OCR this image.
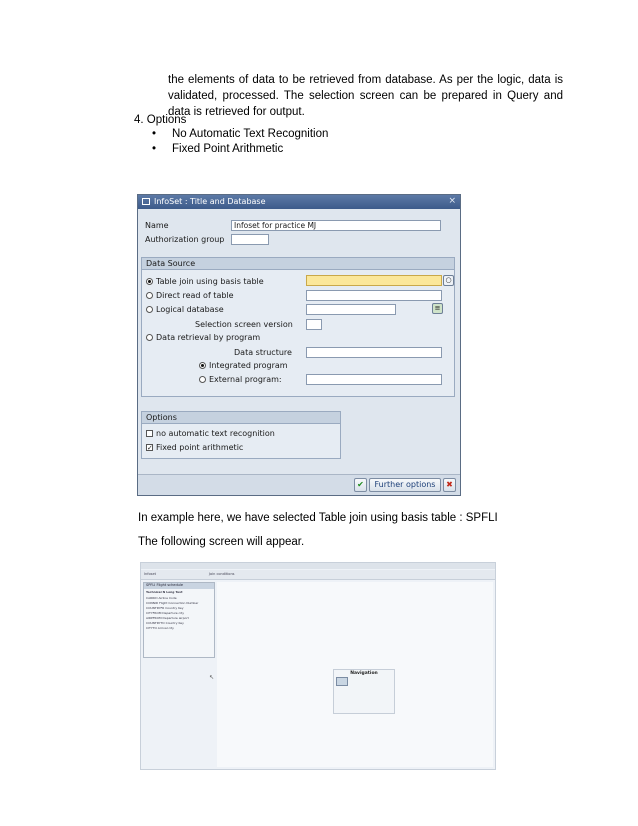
the elements of data to be retrieved from database. As per the logic, data is validated, processed. The selection screen can be prepared in Query and data is retrieved for output.
4. Options
• No Automatic Text Recognition
• Fixed Point Arithmetic
InfoSet : Title and Database	×
Name	Infoset for practice MJ
Authorization group
Data Source
Table join using basis table	○
Direct read of table
Logical database	≡
Selection screen version
Data retrieval by program
Data structure
Integrated program
External program:
Options
no automatic text recognition
✓ Fixed point arithmetic
✔	Further options	✖
In example here, we have selected Table join using basis table : SPFLI
The following screen will appear.
Infoset	Join conditions
SPFLI Flight schedule
Technical N Long Text
CARRID Airline Code
CONNID Flight Connection Number
COUNTRYFR Country Key
CITYFROM Departure city
AIRPFROM Departure airport
COUNTRYTO Country Key
CITYTO Arrival city
Navigation
↖
